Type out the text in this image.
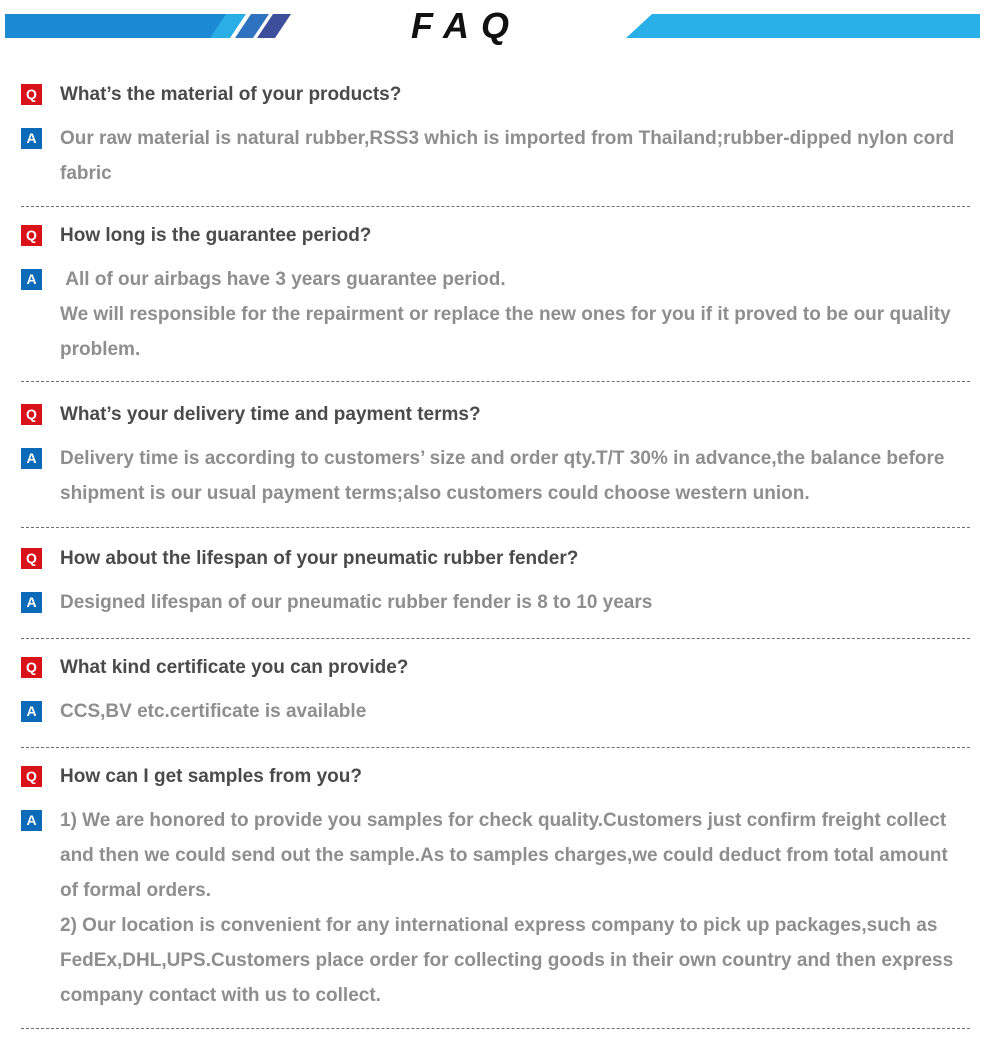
FAQ
Q What’s the material of your products?
A Our raw material is natural rubber,RSS3 which is imported from Thailand;rubber-dipped nylon cord fabric

Q How long is the guarantee period?
A All of our airbags have 3 years guarantee period.

We will responsible for the repairment or replace the new ones for you if it proved to be our quality problem.

Q What’s your delivery time and payment terms?
A Delivery time is according to customers’ size and order qty.T/T 30% in advance,the balance before shipment is our usual payment terms;also customers could choose western union.

Q How about the lifespan of your pneumatic rubber fender?
A Designed lifespan of our pneumatic rubber fender is 8 to 10 years

Q What kind certificate you can provide?
A CCS,BV etc.certificate is available

Q How can I get samples from you?
A 1) We are honored to provide you samples for check quality.Customers just confirm freight collect and then we could send out the sample.As to samples charges,we could deduct from total amount of formal orders.

2) Our location is convenient for any international express company to pick up packages,such as FedEx,DHL,UPS.Customers place order for collecting goods in their own country and then express company contact with us to collect.
